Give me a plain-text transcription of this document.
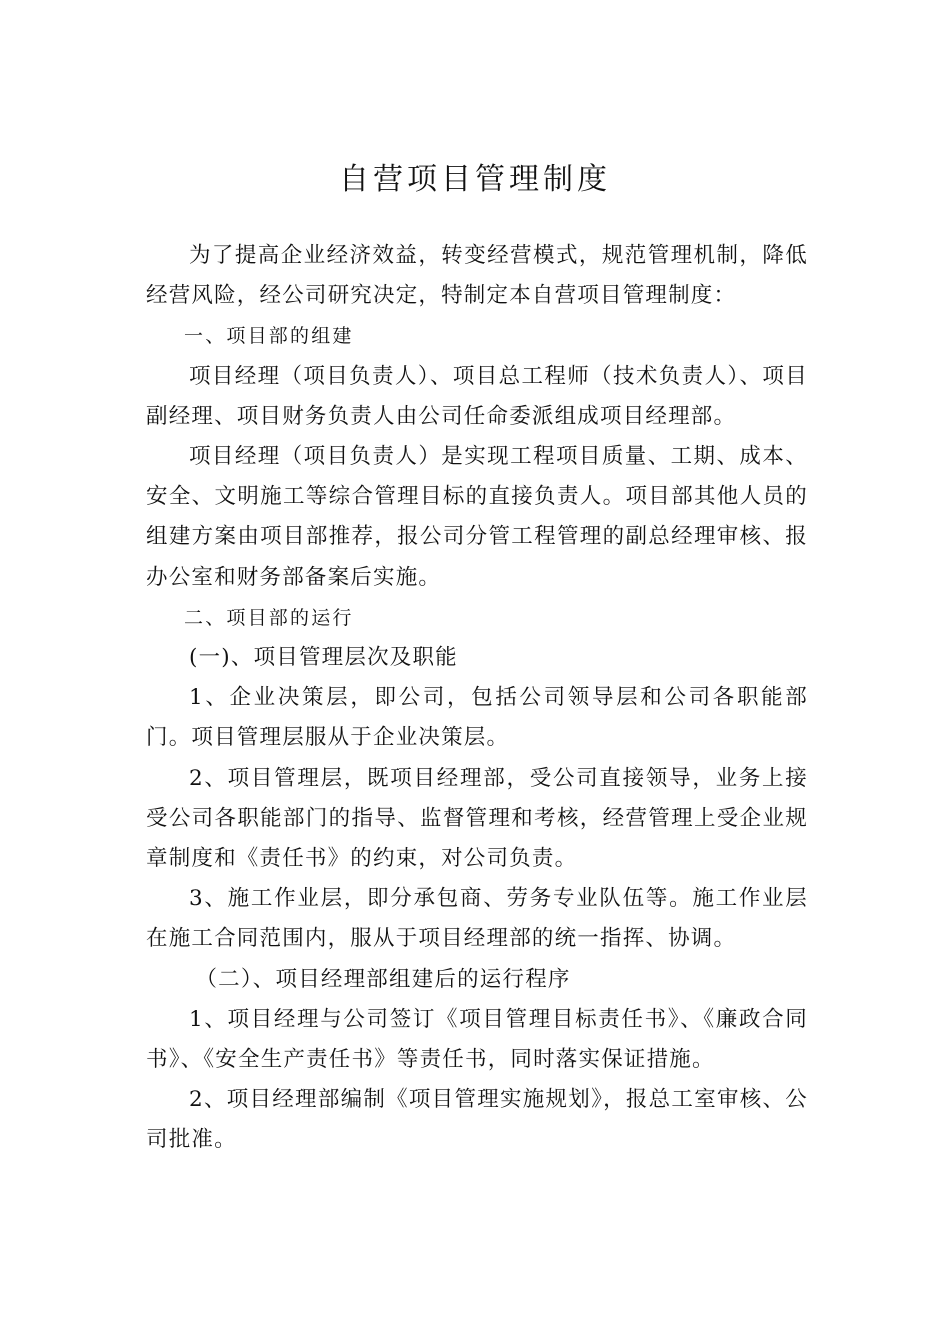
自营项目管理制度

为了提高企业经济效益，转变经营模式，规范管理机制，降低经营风险，经公司研究决定，特制定本自营项目管理制度：

一、项目部的组建

项目经理（项目负责人）、项目总工程师（技术负责人）、项目副经理、项目财务负责人由公司任命委派组成项目经理部。

项目经理（项目负责人）是实现工程项目质量、工期、成本、安全、文明施工等综合管理目标的直接负责人。项目部其他人员的组建方案由项目部推荐，报公司分管工程管理的副总经理审核、报办公室和财务部备案后实施。

二、项目部的运行

(一)、项目管理层次及职能

1、企业决策层，即公司，包括公司领导层和公司各职能部门。项目管理层服从于企业决策层。

2、项目管理层，既项目经理部，受公司直接领导，业务上接受公司各职能部门的指导、监督管理和考核，经营管理上受企业规章制度和《责任书》的约束，对公司负责。

3、施工作业层，即分承包商、劳务专业队伍等。施工作业层在施工合同范围内，服从于项目经理部的统一指挥、协调。

（二）、项目经理部组建后的运行程序

1、项目经理与公司签订《项目管理目标责任书》、《廉政合同书》、《安全生产责任书》等责任书，同时落实保证措施。

2、项目经理部编制《项目管理实施规划》，报总工室审核、公司批准。
